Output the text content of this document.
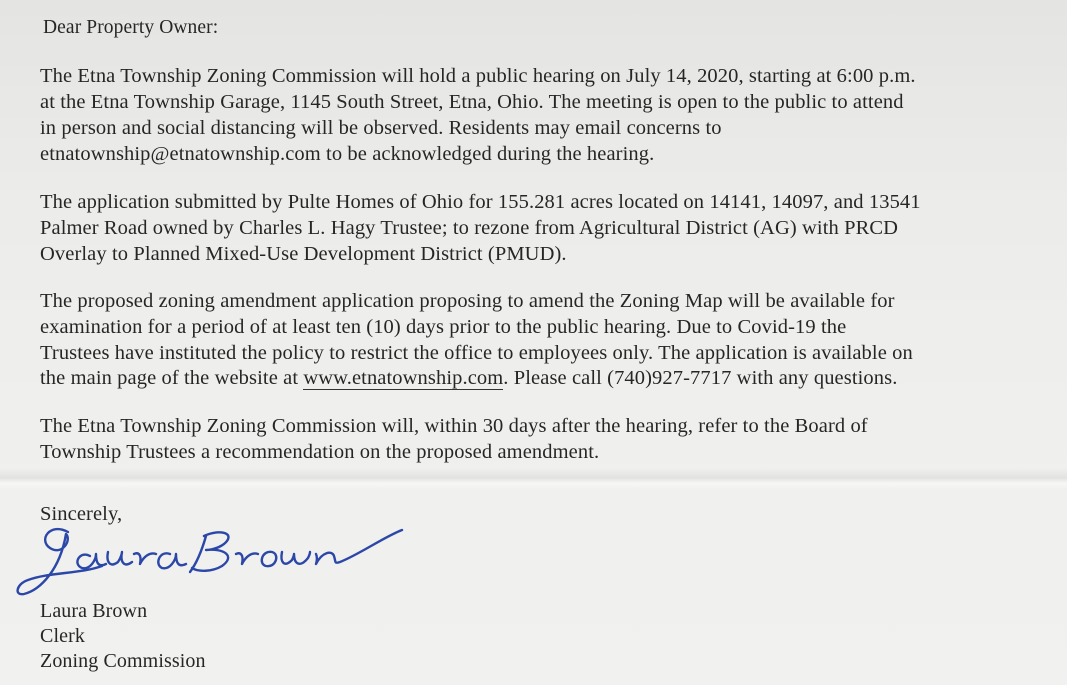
Dear Property Owner:
The Etna Township Zoning Commission will hold a public hearing on July 14, 2020, starting at 6:00 p.m.
at the Etna Township Garage, 1145 South Street, Etna, Ohio. The meeting is open to the public to attend
in person and social distancing will be observed. Residents may email concerns to
etnatownship@etnatownship.com to be acknowledged during the hearing.
The application submitted by Pulte Homes of Ohio for 155.281 acres located on 14141, 14097, and 13541
Palmer Road owned by Charles L. Hagy Trustee; to rezone from Agricultural District (AG) with PRCD
Overlay to Planned Mixed-Use Development District (PMUD).
The proposed zoning amendment application proposing to amend the Zoning Map will be available for
examination for a period of at least ten (10) days prior to the public hearing. Due to Covid-19 the
Trustees have instituted the policy to restrict the office to employees only. The application is available on
the main page of the website at www.etnatownship.com. Please call (740)927-7717 with any questions.
The Etna Township Zoning Commission will, within 30 days after the hearing, refer to the Board of
Township Trustees a recommendation on the proposed amendment.
Sincerely,
Laura Brown
Clerk
Zoning Commission
